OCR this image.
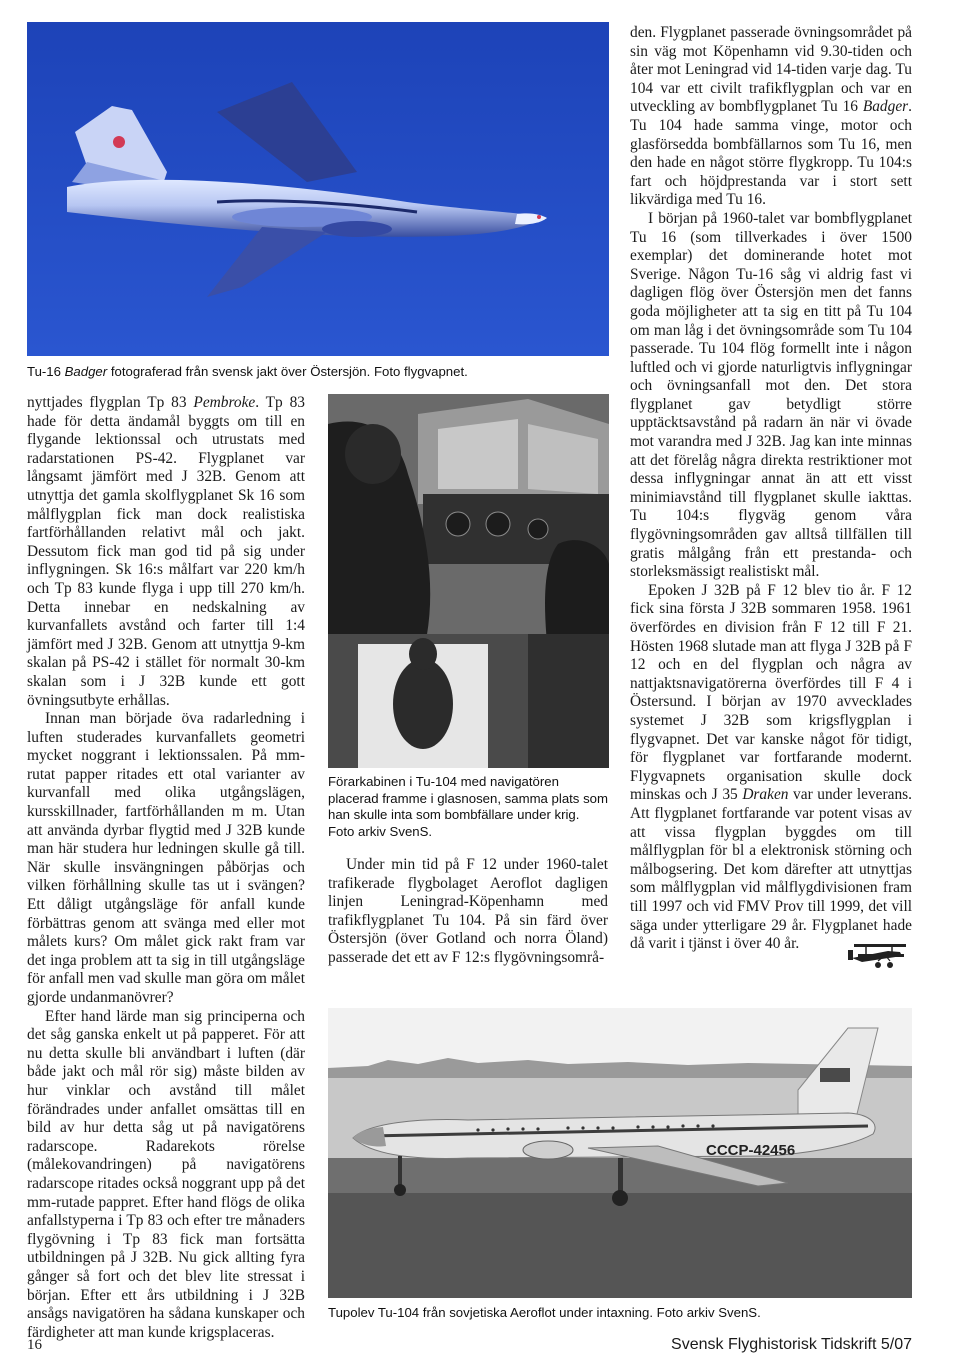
Tu-16 Badger fotograferad från svensk jakt över Östersjön. Foto flygvapnet.

nyttjades flygplan Tp 83 Pembroke. Tp 83 hade för detta ändamål byggts om till en flygande lektionssal och utrustats med radarstationen PS-42. Flygplanet var långsamt jämfört med J 32B. Genom att utnyttja det gamla skolflygplanet Sk 16 som målflygplan fick man dock realistiska fartförhållanden relativt mål och jakt. Dessutom fick man god tid på sig under inflygningen. Sk 16:s målfart var 220 km/h och Tp 83 kunde flyga i upp till 270 km/h. Detta innebar en nedskalning av kurvanfallets avstånd och farter till 1:4 jämfört med J 32B. Genom att utnyttja 9-km skalan på PS-42 i stället för normalt 30-km skalan som i J 32B kunde ett gott övningsutbyte erhållas.

Innan man började öva radarledning i luften studerades kurvanfallets geometri mycket noggrant i lektionssalen. På mm-rutat papper ritades ett otal varianter av kurvanfall med olika utgångslägen, kursskillnader, fartförhållanden m m. Utan att använda dyrbar flygtid med J 32B kunde man här studera hur ledningen skulle gå till. När skulle insvängningen påbörjas och vilken förhållning skulle tas ut i svängen? Ett dåligt utgångsläge för anfall kunde förbättras genom att svänga med eller mot målets kurs? Om målet gick rakt fram var det inga problem att ta sig in till utgångsläge för anfall men vad skulle man göra om målet gjorde undanmanövrer?

Efter hand lärde man sig principerna och det såg ganska enkelt ut på papperet. För att nu detta skulle bli användbart i luften (där både jakt och mål rör sig) måste bilden av hur vinklar och avstånd till målet förändrades under anfallet omsättas till en bild av hur detta såg ut på navigatörens radarscope. Radarekots rörelse (målekovandringen) på navigatörens radarscope ritades också noggrant upp på det mm-rutade pappret. Efter hand flögs de olika anfallstyperna i Tp 83 och efter tre månaders flygövning i Tp 83 fick man fortsätta utbildningen på J 32B. Nu gick allting fyra gånger så fort och det blev lite stressat i början. Efter ett års utbildning i J 32B ansågs navigatören ha sådana kunskaper och färdigheter att man kunde krigsplaceras.

Förarkabinen i Tu-104 med navigatören placerad framme i glasnosen, samma plats som han skulle inta som bombfällare under krig. Foto arkiv SvenS.

Under min tid på F 12 under 1960-talet trafikerade flygbolaget Aeroflot dagligen linjen Leningrad-Köpenhamn med trafikflygplanet Tu 104. På sin färd över Östersjön (över Gotland och norra Öland) passerade det ett av F 12:s flygövningsområ-

den. Flygplanet passerade övningsområdet på sin väg mot Köpenhamn vid 9.30-tiden och åter mot Leningrad vid 14-tiden varje dag. Tu 104 var ett civilt trafikflygplan och var en utveckling av bombflygplanet Tu 16 Badger. Tu 104 hade samma vinge, motor och glasförsedda bombfällarnos som Tu 16, men den hade en något större flygkropp. Tu 104:s fart och höjdprestanda var i stort sett likvärdiga med Tu 16.

I början på 1960-talet var bombflygplanet Tu 16 (som tillverkades i över 1500 exemplar) det dominerande hotet mot Sverige. Någon Tu-16 såg vi aldrig fast vi dagligen flög över Östersjön men det fanns goda möjligheter att ta sig en titt på Tu 104 om man låg i det övningsområde som Tu 104 passerade. Tu 104 flög formellt inte i någon luftled och vi gjorde naturligtvis inflygningar och övningsanfall mot den. Det stora flygplanet gav betydligt större upptäcktsavstånd på radarn än när vi övade mot varandra med J 32B. Jag kan inte minnas att det förelåg några direkta restriktioner mot dessa inflygningar annat än att ett visst minimiavstånd till flygplanet skulle iakttas. Tu 104:s flygväg genom våra flygövningsområden gav alltså tillfällen till gratis målgång från ett prestanda- och storleksmässigt realistiskt mål.

Epoken J 32B på F 12 blev tio år. F 12 fick sina första J 32B sommaren 1958. 1961 överfördes en division från F 12 till F 21. Hösten 1968 slutade man att flyga J 32B på F 12 och en del flygplan och några av nattjaktsnavigatörerna överfördes till F 4 i Östersund. I början av 1970 avvecklades systemet J 32B som krigsflygplan i flygvapnet. Det var kanske något för tidigt, för flygplanet var fortfarande modernt. Flygvapnets organisation skulle dock minskas och J 35 Draken var under leverans. Att flygplanet fortfarande var potent visas av att vissa flygplan byggdes om till målflygplan för bl a elektronisk störning och målbogsering. Det kom därefter att utnyttjas som målflygplan vid målflygdivisionen fram till 1997 och vid FMV Prov till 1999, det vill säga under ytterligare 29 år. Flygplanet hade då varit i tjänst i över 40 år.

CCCP-42456
Tupolev Tu-104 från sovjetiska Aeroflot under intaxning. Foto arkiv SvenS.
16	Svensk Flyghistorisk Tidskrift 5/07
